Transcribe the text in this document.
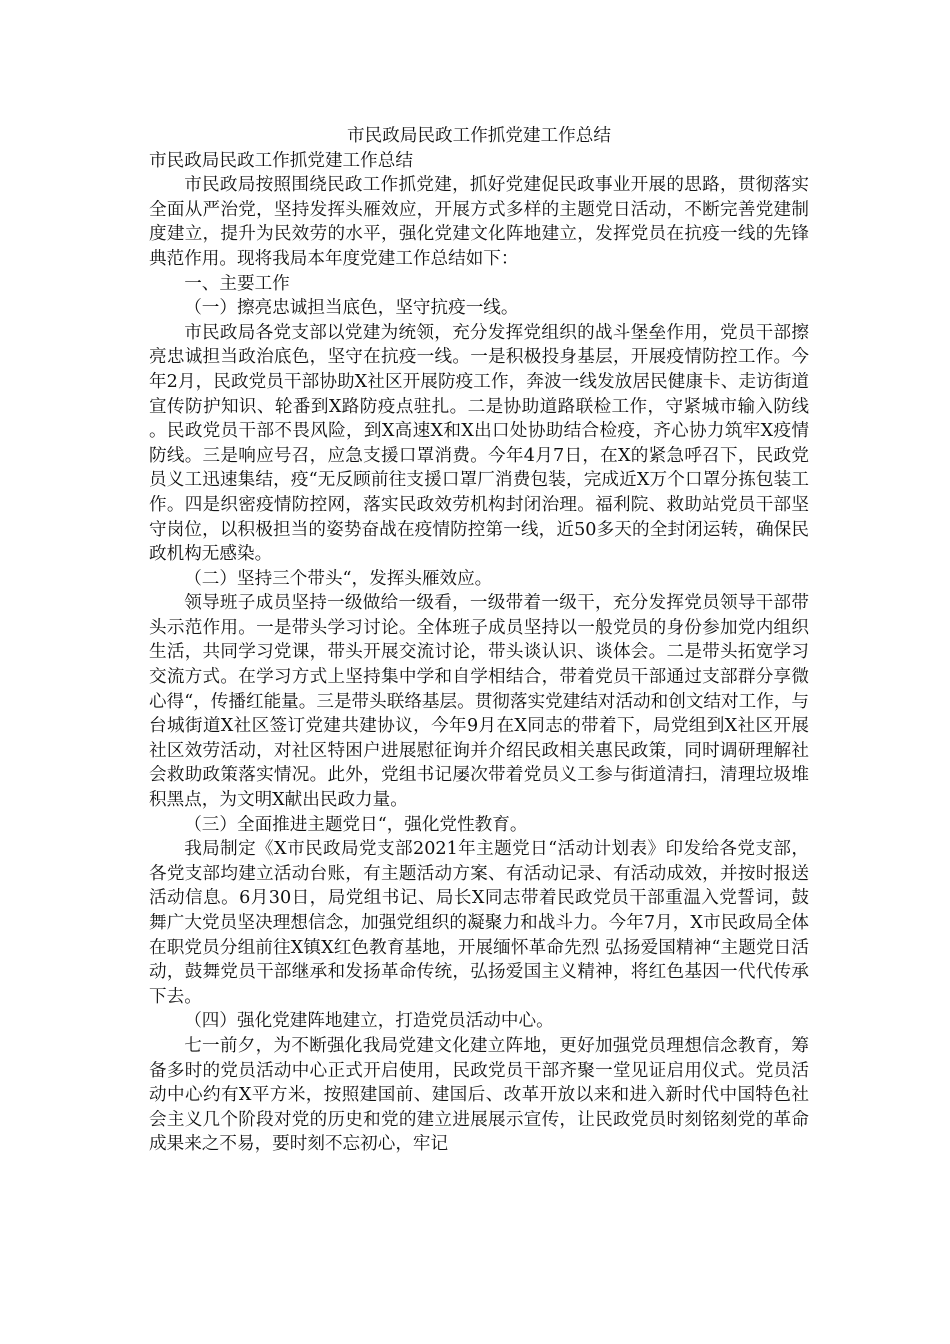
市民政局民政工作抓党建工作总结

市民政局民政工作抓党建工作总结

市民政局按照围绕民政工作抓党建，抓好党建促民政事业开展的思路，贯彻落实全面从严治党，坚持发挥头雁效应，开展方式多样的主题党日活动，不断完善党建制度建立，提升为民效劳的水平，强化党建文化阵地建立，发挥党员在抗疫一线的先锋典范作用。现将我局本年度党建工作总结如下：

一、主要工作

（一）擦亮忠诚担当底色，坚守抗疫一线。

市民政局各党支部以党建为统领，充分发挥党组织的战斗堡垒作用，党员干部擦亮忠诚担当政治底色，坚守在抗疫一线。一是积极投身基层，开展疫情防控工作。今年2月，民政党员干部协助X社区开展防疫工作，奔波一线发放居民健康卡、走访街道宣传防护知识、轮番到X路防疫点驻扎。二是协助道路联检工作，守紧城市输入防线。民政党员干部不畏风险，到X高速X和X出口处协助结合检疫，齐心协力筑牢X疫情防线。三是响应号召，应急支援口罩消费。今年4月7日，在X的紧急呼召下，民政党员义工迅速集结，疫“无反顾前往支援口罩厂消费包装，完成近X万个口罩分拣包装工作。四是织密疫情防控网，落实民政效劳机构封闭治理。福利院、救助站党员干部坚守岗位，以积极担当的姿势奋战在疫情防控第一线，近50多天的全封闭运转，确保民政机构无感染。

（二）坚持三个带头“，发挥头雁效应。

领导班子成员坚持一级做给一级看，一级带着一级干，充分发挥党员领导干部带头示范作用。一是带头学习讨论。全体班子成员坚持以一般党员的身份参加党内组织生活，共同学习党课，带头开展交流讨论，带头谈认识、谈体会。二是带头拓宽学习交流方式。在学习方式上坚持集中学和自学相结合，带着党员干部通过支部群分享微心得“，传播红能量。三是带头联络基层。贯彻落实党建结对活动和创文结对工作，与台城街道X社区签订党建共建协议，今年9月在X同志的带着下，局党组到X社区开展社区效劳活动，对社区特困户进展慰征询并介绍民政相关惠民政策，同时调研理解社会救助政策落实情况。此外，党组书记屡次带着党员义工参与街道清扫，清理垃圾堆积黑点，为文明X献出民政力量。

（三）全面推进主题党日“，强化党性教育。

我局制定《X市民政局党支部2021年主题党日“活动计划表》印发给各党支部，各党支部均建立活动台账，有主题活动方案、有活动记录、有活动成效，并按时报送活动信息。6月30日，局党组书记、局长X同志带着民政党员干部重温入党誓词，鼓舞广大党员坚决理想信念，加强党组织的凝聚力和战斗力。今年7月，X市民政局全体在职党员分组前往X镇X红色教育基地，开展缅怀革命先烈 弘扬爱国精神“主题党日活动，鼓舞党员干部继承和发扬革命传统，弘扬爱国主义精神，将红色基因一代代传承下去。

（四）强化党建阵地建立，打造党员活动中心。

七一前夕，为不断强化我局党建文化建立阵地，更好加强党员理想信念教育，筹备多时的党员活动中心正式开启使用，民政党员干部齐聚一堂见证启用仪式。党员活动中心约有X平方米，按照建国前、建国后、改革开放以来和进入新时代中国特色社会主义几个阶段对党的历史和党的建立进展展示宣传，让民政党员时刻铭刻党的革命成果来之不易，要时刻不忘初心，牢记
